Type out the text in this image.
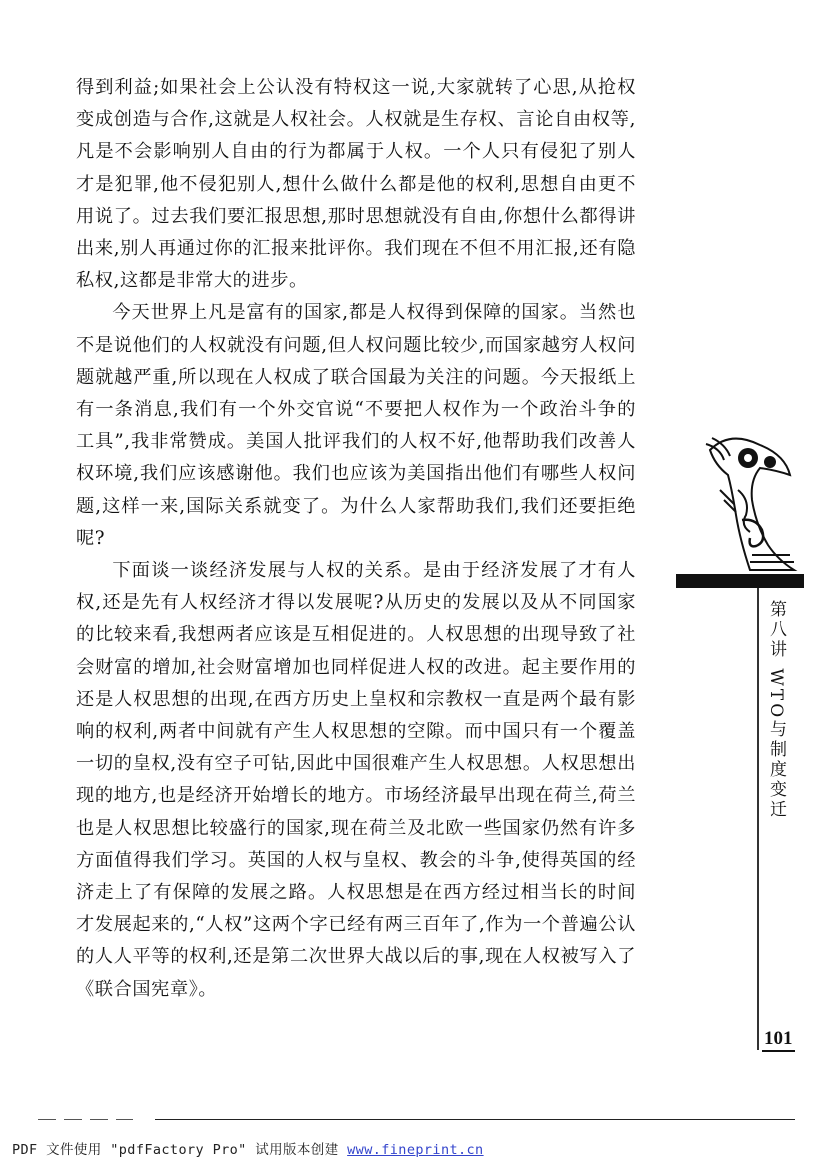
得到利益;如果社会上公认没有特权这一说,大家就转了心思,从抢权变成创造与合作,这就是人权社会。人权就是生存权、言论自由权等,凡是不会影响别人自由的行为都属于人权。一个人只有侵犯了别人才是犯罪,他不侵犯别人,想什么做什么都是他的权利,思想自由更不用说了。过去我们要汇报思想,那时思想就没有自由,你想什么都得讲出来,别人再通过你的汇报来批评你。我们现在不但不用汇报,还有隐私权,这都是非常大的进步。

今天世界上凡是富有的国家,都是人权得到保障的国家。当然也不是说他们的人权就没有问题,但人权问题比较少,而国家越穷人权问题就越严重,所以现在人权成了联合国最为关注的问题。今天报纸上有一条消息,我们有一个外交官说“不要把人权作为一个政治斗争的工具”,我非常赞成。美国人批评我们的人权不好,他帮助我们改善人权环境,我们应该感谢他。我们也应该为美国指出他们有哪些人权问题,这样一来,国际关系就变了。为什么人家帮助我们,我们还要拒绝呢?

下面谈一谈经济发展与人权的关系。是由于经济发展了才有人权,还是先有人权经济才得以发展呢?从历史的发展以及从不同国家的比较来看,我想两者应该是互相促进的。人权思想的出现导致了社会财富的增加,社会财富增加也同样促进人权的改进。起主要作用的还是人权思想的出现,在西方历史上皇权和宗教权一直是两个最有影响的权利,两者中间就有产生人权思想的空隙。而中国只有一个覆盖一切的皇权,没有空子可钻,因此中国很难产生人权思想。人权思想出现的地方,也是经济开始增长的地方。市场经济最早出现在荷兰,荷兰也是人权思想比较盛行的国家,现在荷兰及北欧一些国家仍然有许多方面值得我们学习。英国的人权与皇权、教会的斗争,使得英国的经济走上了有保障的发展之路。人权思想是在西方经过相当长的时间才发展起来的,“人权”这两个字已经有两三百年了,作为一个普遍公认的人人平等的权利,还是第二次世界大战以后的事,现在人权被写入了《联合国宪章》。

第八讲 WTO与制度变迁
101
PDF 文件使用 "pdfFactory Pro" 试用版本创建 www.fineprint.cn
